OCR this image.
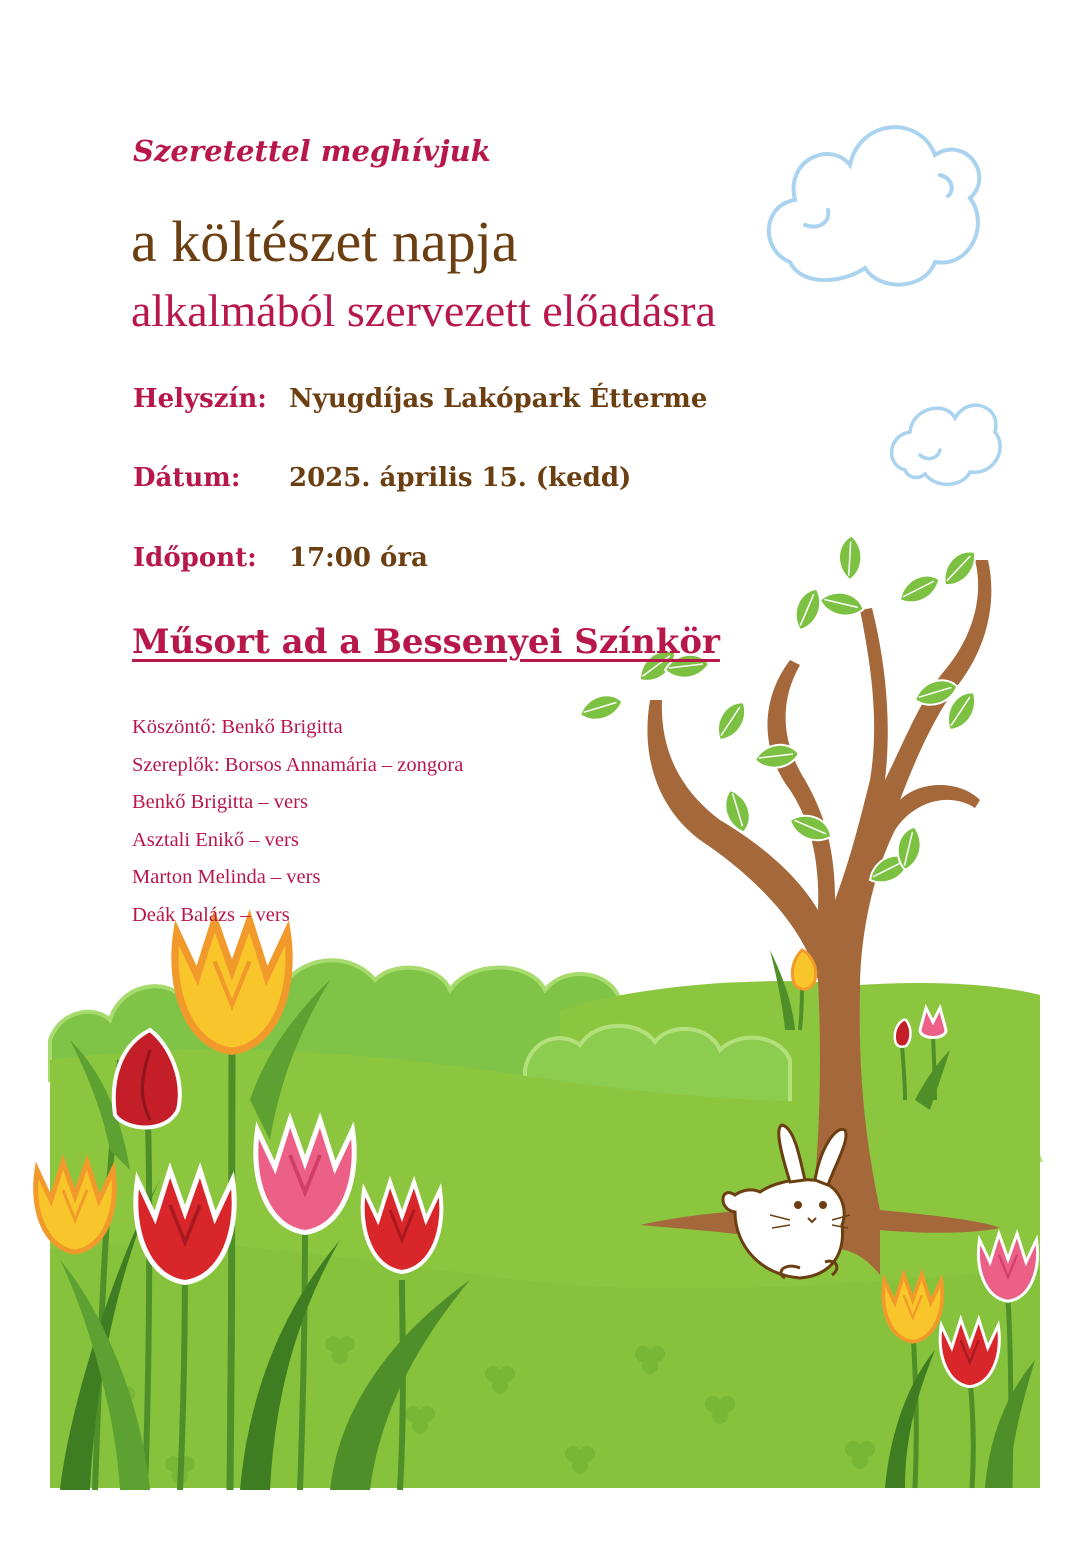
Szeretettel meghívjuk

a költészet napja
alkalmából szervezett előadásra
Helyszín: Nyugdíjas Lakópark Étterme
Dátum: 2025. április 15. (kedd)
Időpont: 17:00 óra
Műsort ad a Bessenyei Színkör
Köszöntő: Benkő Brigitta
Szereplők: Borsos Annamária – zongora
Benkő Brigitta – vers
Asztali Enikő – vers
Marton Melinda – vers
Deák Balázs – vers
